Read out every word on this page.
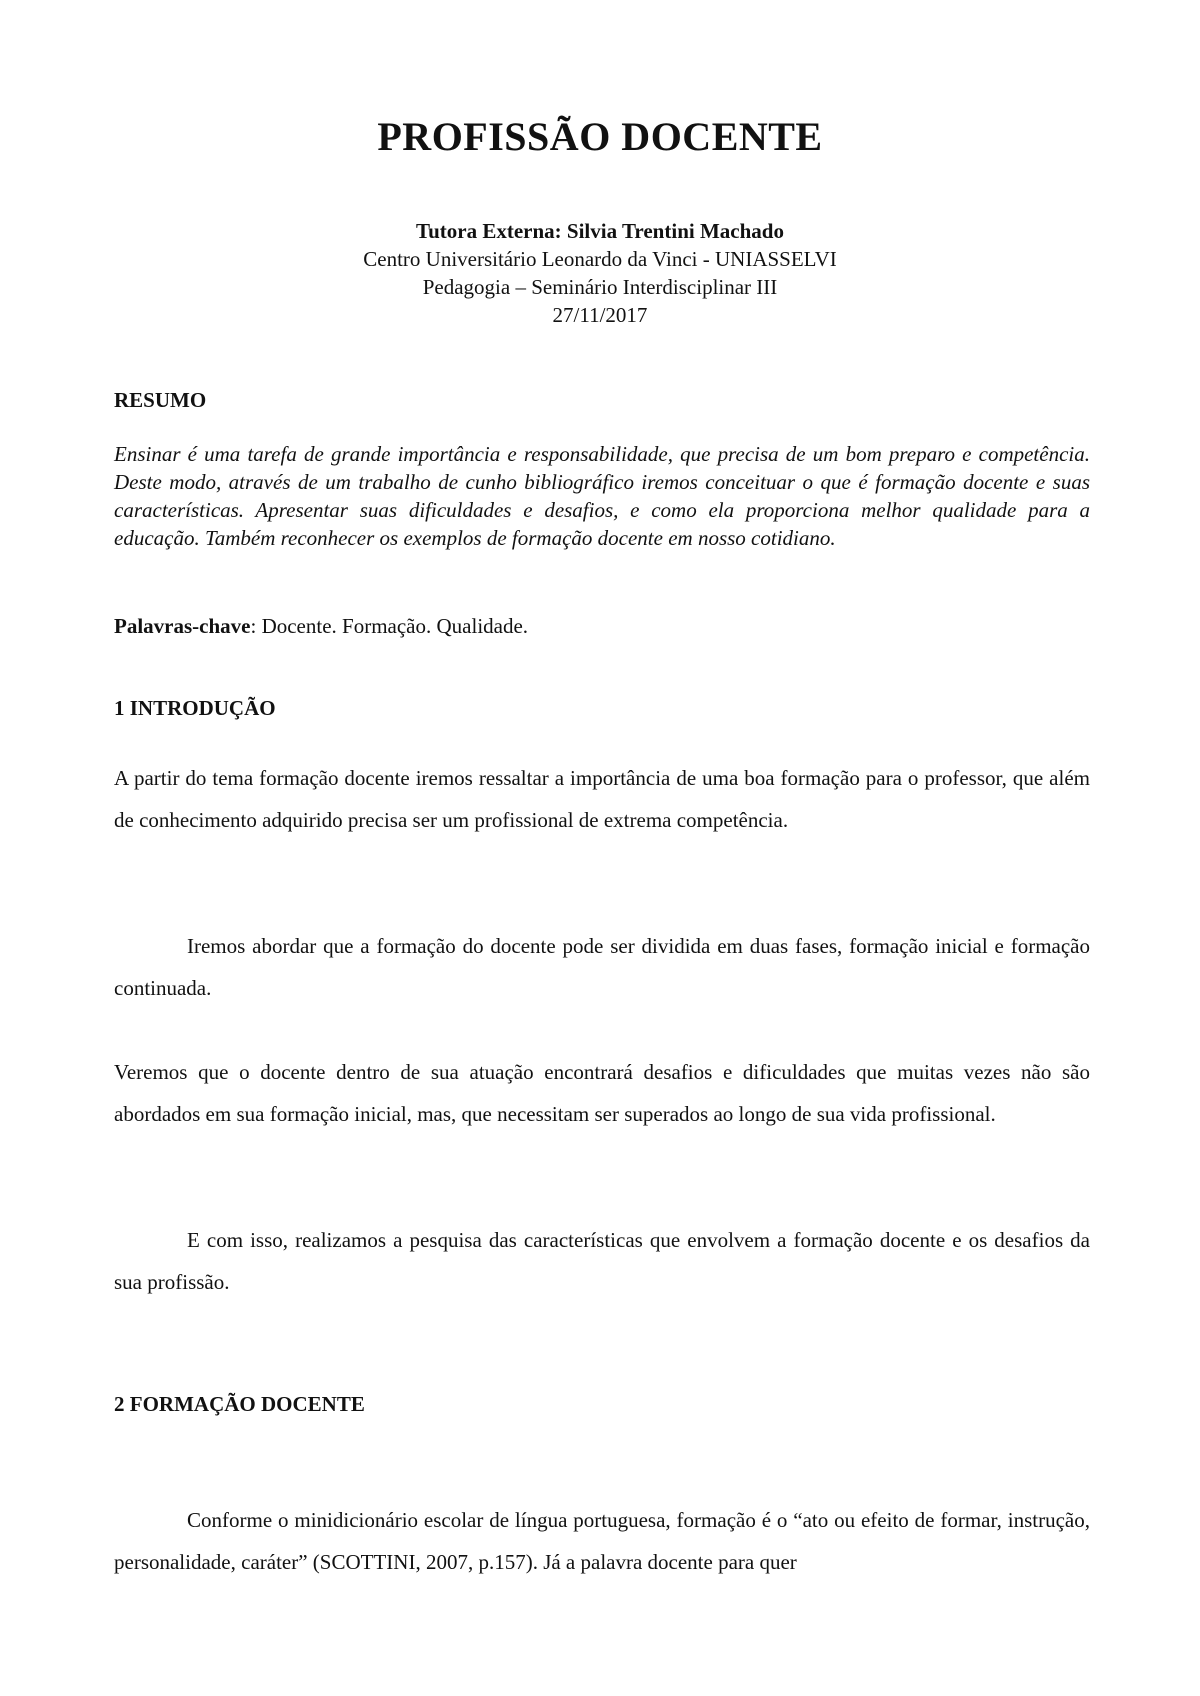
PROFISSÃO DOCENTE
Tutora Externa: Silvia Trentini Machado
Centro Universitário Leonardo da Vinci - UNIASSELVI
Pedagogia – Seminário Interdisciplinar III
27/11/2017
RESUMO

Ensinar é uma tarefa de grande importância e responsabilidade, que precisa de um bom preparo e competência. Deste modo, através de um trabalho de cunho bibliográfico iremos conceituar o que é formação docente e suas características. Apresentar suas dificuldades e desafios, e como ela proporciona melhor qualidade para a educação. Também reconhecer os exemplos de formação docente em nosso cotidiano.

Palavras-chave: Docente. Formação. Qualidade.

1 INTRODUÇÃO

A partir do tema formação docente iremos ressaltar a importância de uma boa formação para o professor, que além de conhecimento adquirido precisa ser um profissional de extrema competência.

Iremos abordar que a formação do docente pode ser dividida em duas fases, formação inicial e formação continuada.

Veremos que o docente dentro de sua atuação encontrará desafios e dificuldades que muitas vezes não são abordados em sua formação inicial, mas, que necessitam ser superados ao longo de sua vida profissional.

E com isso, realizamos a pesquisa das características que envolvem a formação docente e os desafios da sua profissão.

2 FORMAÇÃO DOCENTE

Conforme o minidicionário escolar de língua portuguesa, formação é o “ato ou efeito de formar, instrução, personalidade, caráter” (SCOTTINI, 2007, p.157). Já a palavra docente para quer
